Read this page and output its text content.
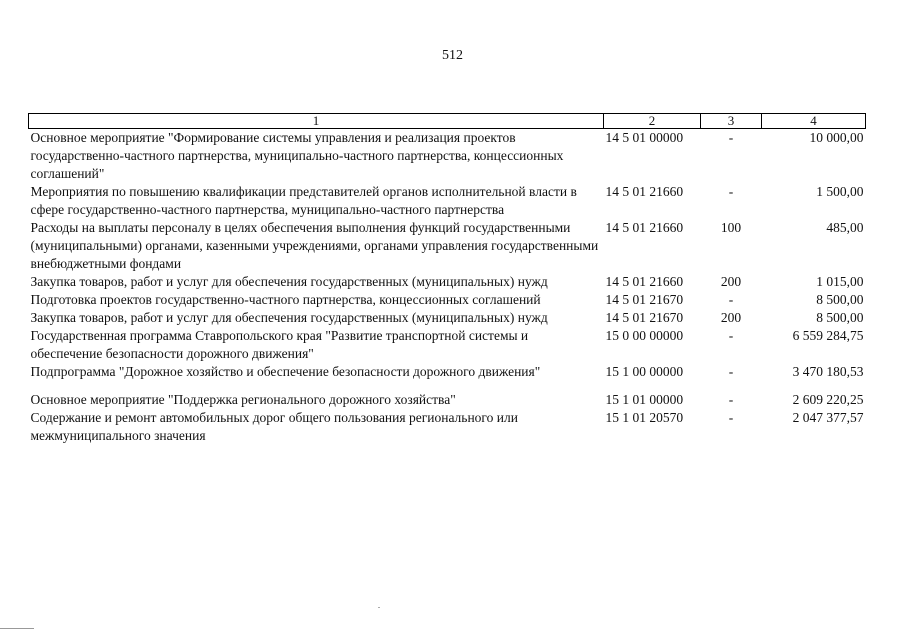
512
1	2	3	4
Основное мероприятие "Формирование системы управления и реализация проектов государственно-частного партнерства, муниципально-частного партнерства, концессионных соглашений"	14 5 01 00000	-	10 000,00
Мероприятия по повышению квалификации представителей органов исполнительной власти в сфере государственно-частного партнерства, муниципально-частного партнерства	14 5 01 21660	-	1 500,00
Расходы на выплаты персоналу в целях обеспечения выполнения функций государственными (муниципальными) органами, казенными учреждениями, органами управления государственными внебюджетными фондами	14 5 01 21660	100	485,00
Закупка товаров, работ и услуг для обеспечения государственных (муниципальных) нужд	14 5 01 21660	200	1 015,00
Подготовка проектов государственно-частного партнерства, концессионных соглашений	14 5 01 21670	-	8 500,00
Закупка товаров, работ и услуг для обеспечения государственных (муниципальных) нужд	14 5 01 21670	200	8 500,00
Государственная программа Ставропольского края "Развитие транспортной системы и обеспечение безопасности дорожного движения"	15 0 00 00000	-	6 559 284,75
Подпрограмма "Дорожное хозяйство и обеспечение безопасности дорожного движения"	15 1 00 00000	-	3 470 180,53

Основное мероприятие "Поддержка регионального дорожного хозяйства"	15 1 01 00000	-	2 609 220,25
Содержание и ремонт автомобильных дорог общего пользования регионального или межмуниципального значения	15 1 01 20570	-	2 047 377,57
